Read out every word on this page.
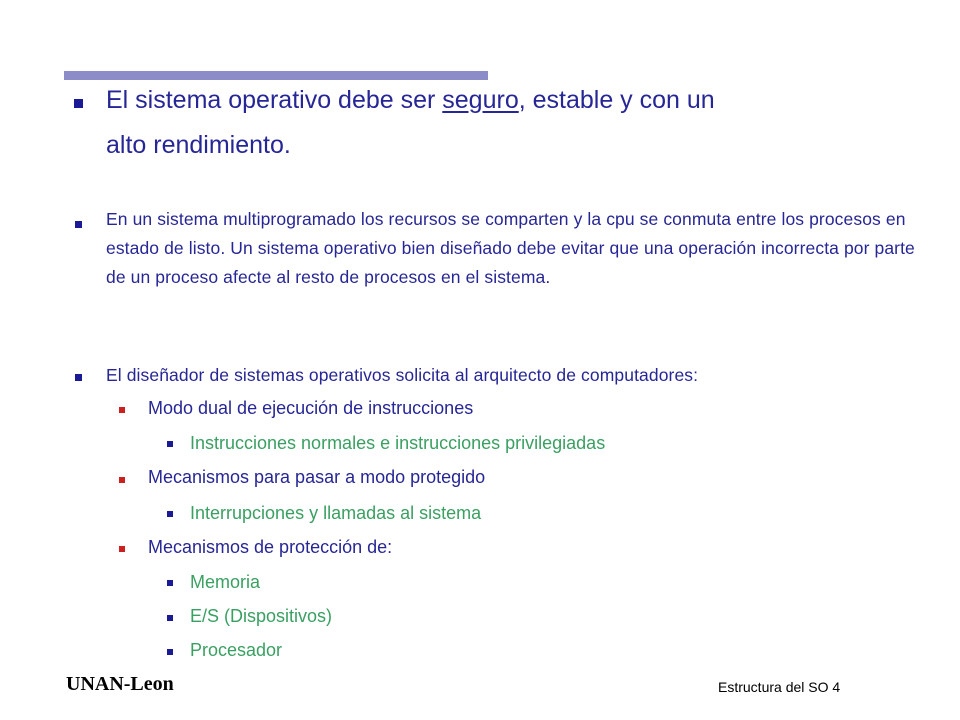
El sistema operativo debe ser seguro, estable y con un

alto rendimiento.

En un sistema multiprogramado los recursos se comparten y la cpu se conmuta entre los procesos en estado de listo. Un sistema operativo bien diseñado debe evitar que una operación incorrecta por parte de un proceso afecte al resto de procesos en el sistema.

El diseñador de sistemas operativos solicita al arquitecto de computadores:

Modo dual de ejecución de instrucciones

Instrucciones normales e instrucciones privilegiadas

Mecanismos para pasar a modo protegido

Interrupciones y llamadas al sistema

Mecanismos de protección de:

Memoria

E/S (Dispositivos)

Procesador

UNAN-Leon	Estructura del SO 4
